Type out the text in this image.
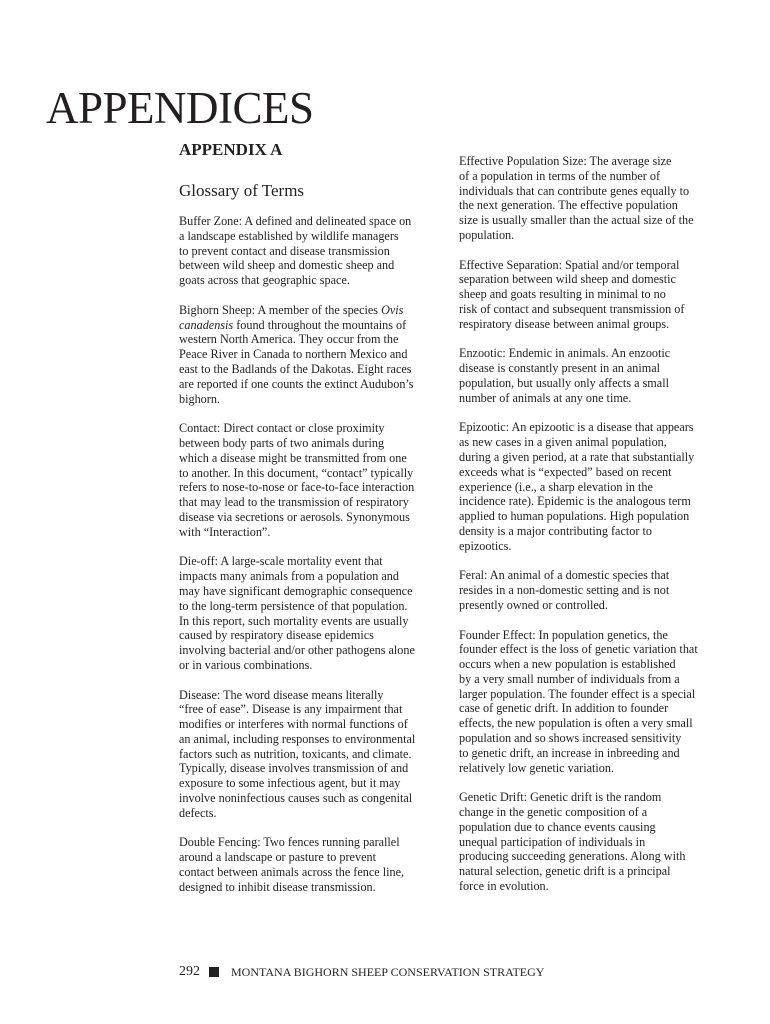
APPENDICES
APPENDIX A
Glossary of Terms

Buffer Zone: A defined and delineated space on
a landscape established by wildlife managers
to prevent contact and disease transmission
between wild sheep and domestic sheep and
goats across that geographic space.

Bighorn Sheep: A member of the species Ovis
canadensis found throughout the mountains of
western North America. They occur from the
Peace River in Canada to northern Mexico and
east to the Badlands of the Dakotas. Eight races
are reported if one counts the extinct Audubon’s
bighorn.

Contact: Direct contact or close proximity
between body parts of two animals during
which a disease might be transmitted from one
to another. In this document, “contact” typically
refers to nose-to-nose or face-to-face interaction
that may lead to the transmission of respiratory
disease via secretions or aerosols. Synonymous
with “Interaction”.

Die-off: A large-scale mortality event that
impacts many animals from a population and
may have significant demographic consequence
to the long-term persistence of that population.
In this report, such mortality events are usually
caused by respiratory disease epidemics
involving bacterial and/or other pathogens alone
or in various combinations.

Disease: The word disease means literally
“free of ease”. Disease is any impairment that
modifies or interferes with normal functions of
an animal, including responses to environmental
factors such as nutrition, toxicants, and climate.
Typically, disease involves transmission of and
exposure to some infectious agent, but it may
involve noninfectious causes such as congenital
defects.

Double Fencing: Two fences running parallel
around a landscape or pasture to prevent
contact between animals across the fence line,
designed to inhibit disease transmission.

Effective Population Size: The average size
of a population in terms of the number of
individuals that can contribute genes equally to
the next generation. The effective population
size is usually smaller than the actual size of the
population.

Effective Separation: Spatial and/or temporal
separation between wild sheep and domestic
sheep and goats resulting in minimal to no
risk of contact and subsequent transmission of
respiratory disease between animal groups.

Enzootic: Endemic in animals. An enzootic
disease is constantly present in an animal
population, but usually only affects a small
number of animals at any one time.

Epizootic: An epizootic is a disease that appears
as new cases in a given animal population,
during a given period, at a rate that substantially
exceeds what is “expected” based on recent
experience (i.e., a sharp elevation in the
incidence rate). Epidemic is the analogous term
applied to human populations. High population
density is a major contributing factor to
epizootics.

Feral: An animal of a domestic species that
resides in a non-domestic setting and is not
presently owned or controlled.

Founder Effect: In population genetics, the
founder effect is the loss of genetic variation that
occurs when a new population is established
by a very small number of individuals from a
larger population. The founder effect is a special
case of genetic drift. In addition to founder
effects, the new population is often a very small
population and so shows increased sensitivity
to genetic drift, an increase in inbreeding and
relatively low genetic variation.

Genetic Drift: Genetic drift is the random
change in the genetic composition of a
population due to chance events causing
unequal participation of individuals in
producing succeeding generations. Along with
natural selection, genetic drift is a principal
force in evolution.

292	MONTANA BIGHORN SHEEP CONSERVATION STRATEGY
